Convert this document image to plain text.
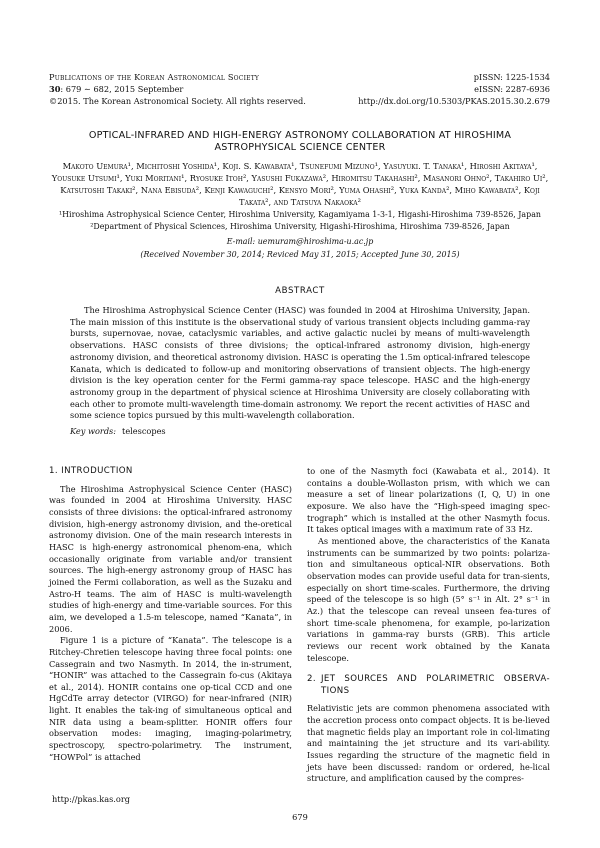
Publications of the Korean Astronomical Society	pISSN: 1225-1534
30: 679 ∼ 682, 2015 September	eISSN: 2287-6936
©2015. The Korean Astronomical Society. All rights reserved.	http://dx.doi.org/10.5303/PKAS.2015.30.2.679
OPTICAL-INFRARED AND HIGH-ENERGY ASTRONOMY COLLABORATION AT HIROSHIMA ASTROPHYSICAL SCIENCE CENTER
Makoto Uemura¹, Michitoshi Yoshida¹, Koji. S. Kawabata¹, Tsunefumi Mizuno¹, Yasuyuki. T. Tanaka¹, Hiroshi Akitaya¹, Yousuke Utsumi¹, Yuki Moritani¹, Ryosuke Itoh², Yasushi Fukazawa², Hiromitsu Takahashi², Masanori Ohno², Takahiro Ui², Katsutoshi Takaki², Nana Ebisuda², Kenji Kawaguchi², Kensyo Mori², Yuma Ohashi², Yuka Kanda², Miho Kawabata², Koji Takata², and Tatsuya Nakaoka²
¹Hiroshima Astrophysical Science Center, Hiroshima University, Kagamiyama 1-3-1, Higashi-Hiroshima 739-8526, Japan
²Department of Physical Sciences, Hiroshima University, Higashi-Hiroshima, Hiroshima 739-8526, Japan
E-mail: uemuram@hiroshima-u.ac.jp
(Received November 30, 2014; Reviced May 31, 2015; Accepted June 30, 2015)
ABSTRACT
The Hiroshima Astrophysical Science Center (HASC) was founded in 2004 at Hiroshima University, Japan. The main mission of this institute is the observational study of various transient objects including gamma-ray bursts, supernovae, novae, cataclysmic variables, and active galactic nuclei by means of multi-wavelength observations. HASC consists of three divisions; the optical-infrared astronomy division, high-energy astronomy division, and theoretical astronomy division. HASC is operating the 1.5m optical-infrared telescope Kanata, which is dedicated to follow-up and monitoring observations of transient objects. The high-energy division is the key operation center for the Fermi gamma-ray space telescope. HASC and the high-energy astronomy group in the department of physical science at Hiroshima University are closely collaborating with each other to promote multi-wavelength time-domain astronomy. We report the recent activities of HASC and some science topics pursued by this multi-wavelength collaboration.
Key words: telescopes
1. INTRODUCTION

The Hiroshima Astrophysical Science Center (HASC) was founded in 2004 at Hiroshima University. HASC consists of three divisions: the optical-infrared astronomy division, high-energy astronomy division, and the-oretical astronomy division. One of the main research interests in HASC is high-energy astronomical phenom-ena, which occasionally originate from variable and/or transient sources. The high-energy astronomy group of HASC has joined the Fermi collaboration, as well as the Suzaku and Astro-H teams. The aim of HASC is multi-wavelength studies of high-energy and time-variable sources. For this aim, we developed a 1.5-m telescope, named “Kanata”, in 2006.

Figure 1 is a picture of “Kanata”. The telescope is a Ritchey-Chretien telescope having three focal points: one Cassegrain and two Nasmyth. In 2014, the in-strument, “HONIR” was attached to the Cassegrain fo-cus (Akitaya et al., 2014). HONIR contains one op-tical CCD and one HgCdTe array detector (VIRGO) for near-infrared (NIR) light. It enables the tak-ing of simultaneous optical and NIR data using a beam-splitter. HONIR offers four observation modes: imaging, imaging-polarimetry, spectroscopy, spectro-polarimetry. The instrument, “HOWPol” is attached

to one of the Nasmyth foci (Kawabata et al., 2014). It contains a double-Wollaston prism, with which we can measure a set of linear polarizations (I, Q, U) in one exposure. We also have the “High-speed imaging spec-trograph” which is installed at the other Nasmyth focus. It takes optical images with a maximum rate of 33 Hz.

As mentioned above, the characteristics of the Kanata instruments can be summarized by two points: polariza-tion and simultaneous optical-NIR observations. Both observation modes can provide useful data for tran-sients, especially on short time-scales. Furthermore, the driving speed of the telescope is so high (5° s⁻¹ in Alt. 2° s⁻¹ in Az.) that the telescope can reveal unseen fea-tures of short time-scale phenomena, for example, po-larization variations in gamma-ray bursts (GRB). This article reviews our recent work obtained by the Kanata telescope.

2. JET SOURCES AND POLARIMETRIC OBSERVA-TIONS

Relativistic jets are common phenomena associated with the accretion process onto compact objects. It is be-lieved that magnetic fields play an important role in col-limating and maintaining the jet structure and its vari-ability. Issues regarding the structure of the magnetic field in jets have been discussed: random or ordered, he-lical structure, and amplification caused by the compres-

http://pkas.kas.org
679
